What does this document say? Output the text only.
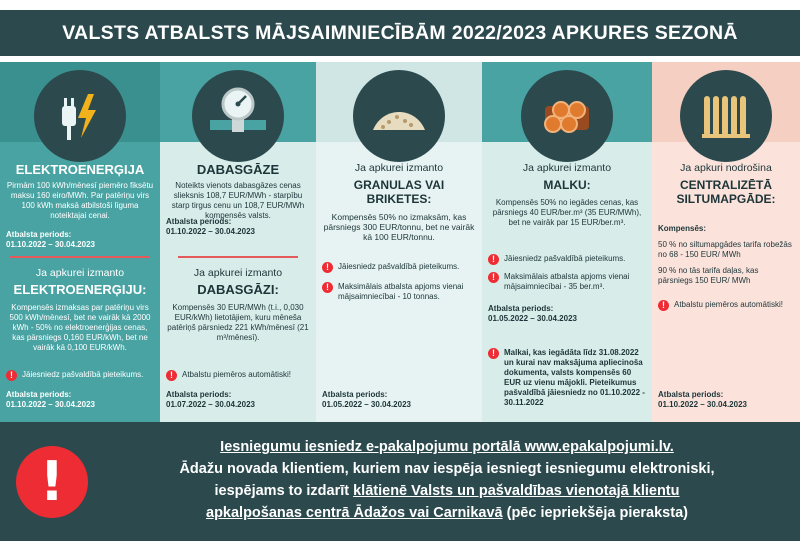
VALSTS ATBALSTS MĀJSAIMNIECĪBĀM 2022/2023 APKURES SEZONĀ
ELEKTROENERĢIJA
Pirmām 100 kWh/mēnesī piemēro fiksētu maksu 160 eiro/MWh. Par patēriņu virs 100 kWh maksā atbilstoši līguma noteiktajai cenai.
Atbalsta periods:
01.10.2022 – 30.04.2023
Ja apkurei izmanto
ELEKTROENERĢIJU:
Kompensēs izmaksas par patēriņu virs 500 kWh/mēnesī, bet ne vairāk kā 2000 kWh - 50% no elektroenerģijas cenas, kas pārsniegs 0,160 EUR/kWh, bet ne vairāk kā 0,100 EUR/kWh.
!	Jāiesniedz pašvaldībā pieteikums.
Atbalsta periods:
01.10.2022 – 30.04.2023
DABASGĀZE
Noteikts vienots dabasgāzes cenas slieksnis 108,7 EUR/MWh - starpību starp tirgus cenu un 108,7 EUR/MWh kompensēs valsts.
Atbalsta periods:
01.10.2022 – 30.04.2023
Ja apkurei izmanto
DABASGĀZI:
Kompensēs 30 EUR/MWh (t.i., 0,030 EUR/kWh) lietotājiem, kuru mēneša patēriņš pārsniedz 221 kWh/mēnesī (21 m³/mēnesī).
!	Atbalstu piemēros automātiski!
Atbalsta periods:
01.07.2022 – 30.04.2023
Ja apkurei izmanto
GRANULAS VAI BRIKETES:
Kompensēs 50% no izmaksām, kas pārsniegs 300 EUR/tonnu, bet ne vairāk kā 100 EUR/tonnu.
!	Jāiesniedz pašvaldībā pieteikums.
!	Maksimālais atbalsta apjoms vienai mājsaimniecībai - 10 tonnas.
Atbalsta periods:
01.05.2022 – 30.04.2023
Ja apkurei izmanto
MALKU:
Kompensēs 50% no iegādes cenas, kas pārsniegs 40 EUR/ber.m³ (35 EUR/MWh), bet ne vairāk par 15 EUR/ber.m³.
!	Jāiesniedz pašvaldībā pieteikums.
!	Maksimālais atbalsta apjoms vienai mājsaimniecībai - 35 ber.m³.
Atbalsta periods:
01.05.2022 – 30.04.2023
!	Malkai, kas iegādāta līdz 31.08.2022 un kurai nav maksājuma apliecinoša dokumenta, valsts kompensēs 60 EUR uz vienu mājokli. Pieteikumus pašvaldībā jāiesniedz no 01.10.2022 - 30.11.2022
Ja apkuri nodrošina
CENTRALIZĒTĀ SILTUMAPGĀDE:
Kompensēs:
50 % no siltumapgādes tarifa robežās no 68 - 150 EUR/ MWh
90 % no tās tarifa daļas, kas pārsniegs 150 EUR/ MWh
!	Atbalstu piemēros automātiski!
Atbalsta periods:
01.10.2022 – 30.04.2023
!
Iesniegumu iesniedz e-pakalpojumu portālā www.epakalpojumi.lv.
Ādažu novada klientiem, kuriem nav iespēja iesniegt iesniegumu elektroniski,
iespējams to izdarīt klātienē Valsts un pašvaldības vienotajā klientu
apkalpošanas centrā Ādažos vai Carnikavā (pēc iepriekšēja pieraksta)
